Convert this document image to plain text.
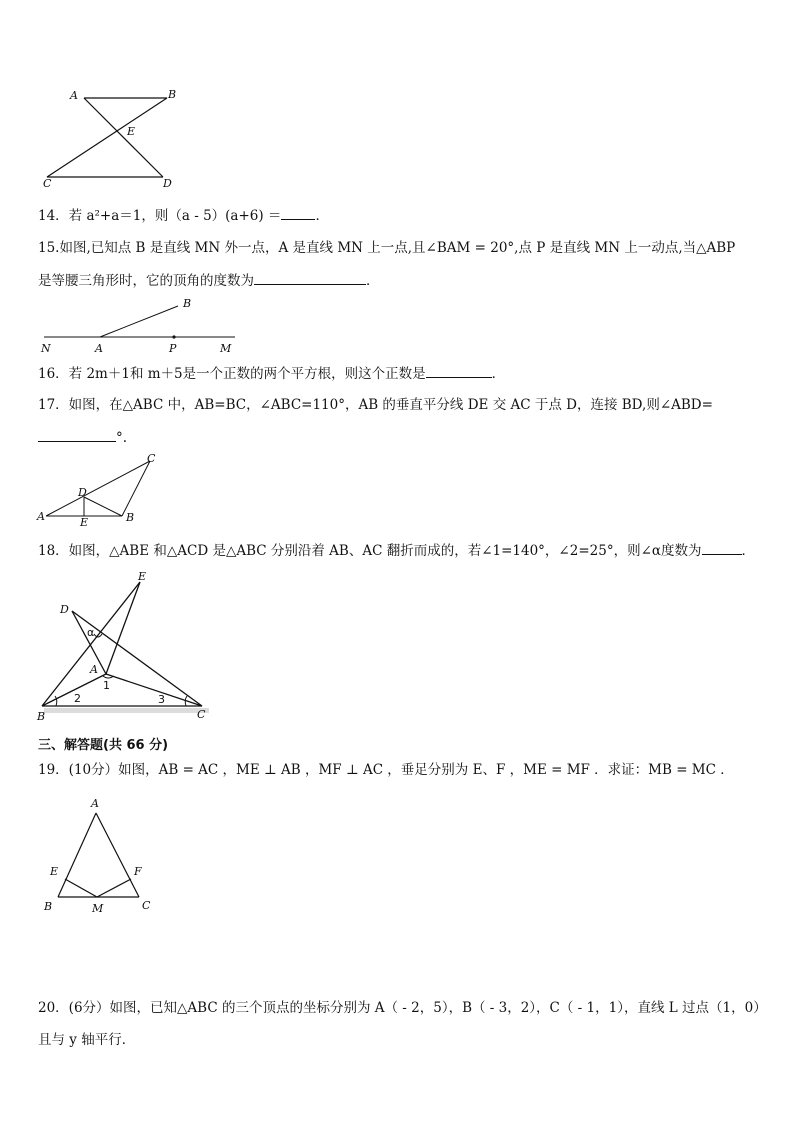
A	B
E
C	D
14．若 a²+a＝1，则（a - 5）(a+6) ＝	．
15.如图,已知点 B 是直线 MN 外一点，A 是直线 MN 上一点,且∠BAM = 20°,点 P 是直线 MN 上一动点,当△ABP
是等腰三角形时，它的顶角的度数为	．
B
N	A	P	M
16．若 2m＋1和 m＋5是一个正数的两个平方根，则这个正数是	．
17．如图，在△ABC 中，AB=BC，∠ABC=110°，AB 的垂直平分线 DE 交 AC 于点 D，连接 BD,则∠ABD=
°.
C
D
A	E	B
18．如图，△ABE 和△ACD 是△ABC 分别沿着 AB、AC 翻折而成的，若∠1=140°，∠2=25°，则∠α度数为	．
E
D
α
A
1
2	3
B	C
三、解答题(共 66 分)
19．(10分）如图，AB = AC ，ME ⊥ AB ，MF ⊥ AC ，垂足分别为 E、F ，ME = MF ．求证：MB = MC ．
A
E	F
B	M	C
20．(6分）如图，已知△ABC 的三个顶点的坐标分别为 A（ - 2，5），B（ - 3，2），C（ - 1，1），直线 L 过点（1，0）
且与 y 轴平行．
